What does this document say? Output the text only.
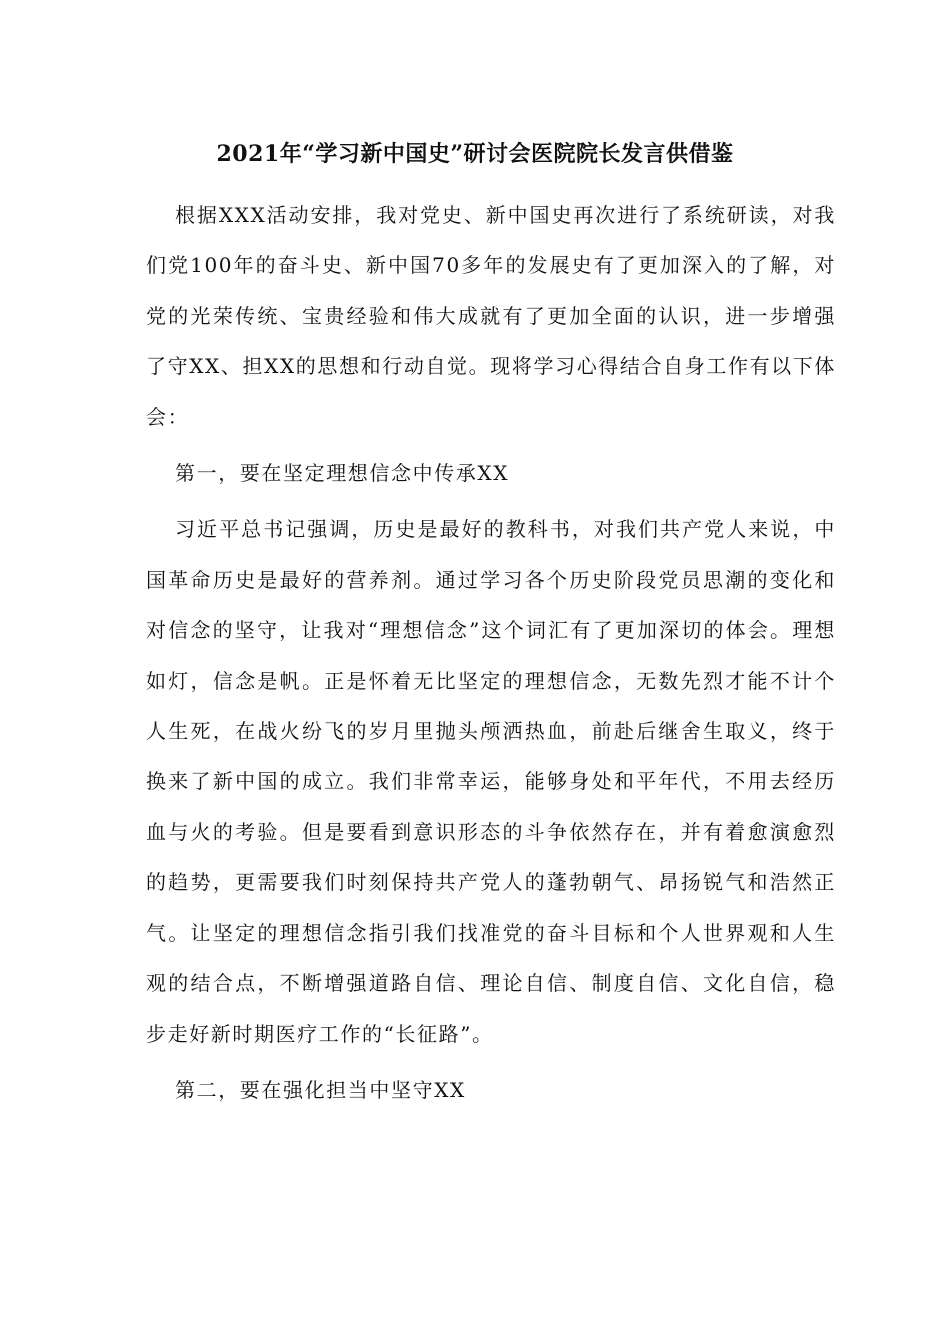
2021年“学习新中国史”研讨会医院院长发言供借鉴

根据XXX活动安排，我对党史、新中国史再次进行了系统研读，对我们党100年的奋斗史、新中国70多年的发展史有了更加深入的了解，对党的光荣传统、宝贵经验和伟大成就有了更加全面的认识，进一步增强了守XX、担XX的思想和行动自觉。现将学习心得结合自身工作有以下体会：

第一，要在坚定理想信念中传承XX

习近平总书记强调，历史是最好的教科书，对我们共产党人来说，中国革命历史是最好的营养剂。通过学习各个历史阶段党员思潮的变化和对信念的坚守，让我对“理想信念”这个词汇有了更加深切的体会。理想如灯，信念是帆。正是怀着无比坚定的理想信念，无数先烈才能不计个人生死，在战火纷飞的岁月里抛头颅洒热血，前赴后继舍生取义，终于换来了新中国的成立。我们非常幸运，能够身处和平年代，不用去经历血与火的考验。但是要看到意识形态的斗争依然存在，并有着愈演愈烈的趋势，更需要我们时刻保持共产党人的蓬勃朝气、昂扬锐气和浩然正气。让坚定的理想信念指引我们找准党的奋斗目标和个人世界观和人生观的结合点，不断增强道路自信、理论自信、制度自信、文化自信，稳步走好新时期医疗工作的“长征路”。

第二，要在强化担当中坚守XX
